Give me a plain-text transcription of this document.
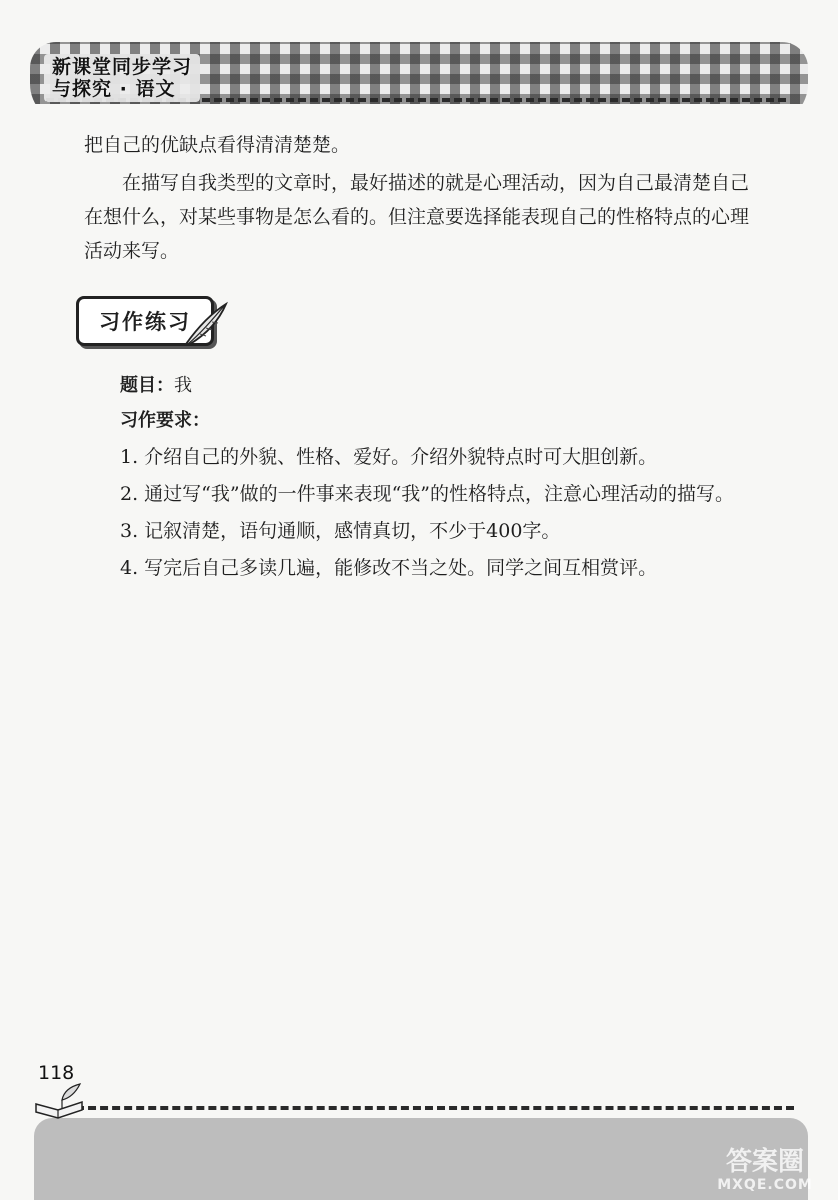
新课堂同步学习
与探究 · 语文

把自己的优缺点看得清清楚楚。

在描写自我类型的文章时，最好描述的就是心理活动，因为自己最清楚自己在想什么，对某些事物是怎么看的。但注意要选择能表现自己的性格特点的心理活动来写。

习作练习
题目：我
习作要求：
1. 介绍自己的外貌、性格、爱好。介绍外貌特点时可大胆创新。
2. 通过写“我”做的一件事来表现“我”的性格特点，注意心理活动的描写。
3. 记叙清楚，语句通顺，感情真切，不少于400字。
4. 写完后自己多读几遍，能修改不当之处。同学之间互相赏评。
118
答案圈
MXQE.COM
